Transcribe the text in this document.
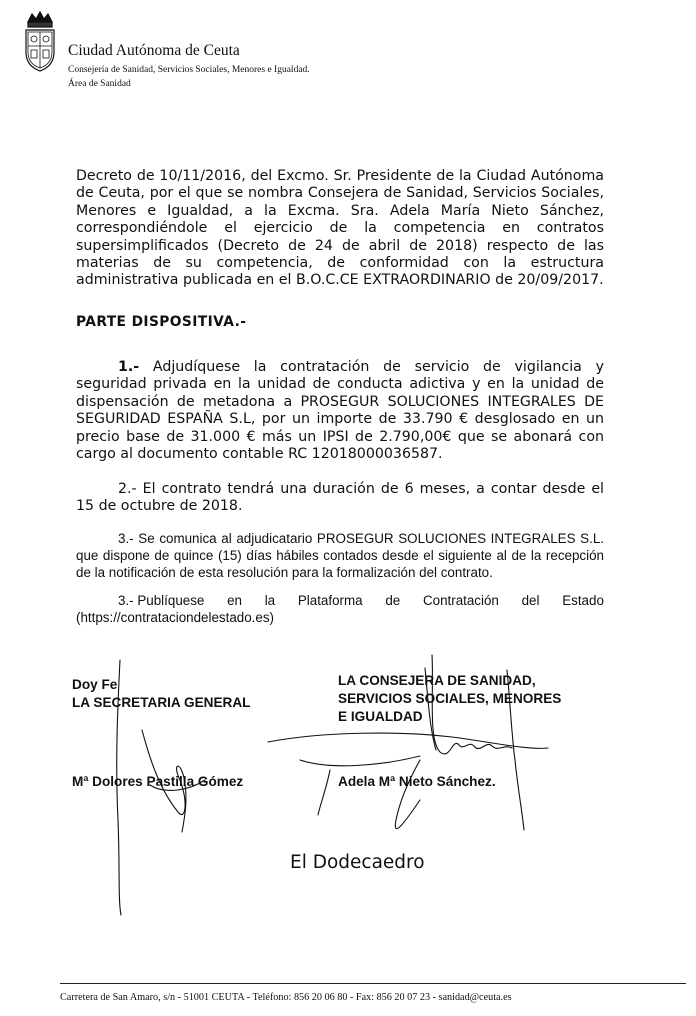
Ciudad Autónoma de Ceuta
Consejería de Sanidad, Servicios Sociales, Menores e Igualdad.
Área de Sanidad
Decreto de 10/11/2016, del Excmo. Sr. Presidente de la Ciudad Autónoma de Ceuta, por el que se nombra Consejera de Sanidad, Servicios Sociales, Menores e Igualdad, a la Excma. Sra. Adela María Nieto Sánchez, correspondiéndole el ejercicio de la competencia en contratos supersimplificados (Decreto de 24 de abril de 2018) respecto de las materias de su competencia, de conformidad con la estructura administrativa publicada en el B.O.C.CE EXTRAORDINARIO de 20/09/2017.
PARTE DISPOSITIVA.-
1.- Adjudíquese la contratación de servicio de vigilancia y seguridad privada en la unidad de conducta adictiva y en la unidad de dispensación de metadona a PROSEGUR SOLUCIONES INTEGRALES DE SEGURIDAD ESPAÑA S.L, por un importe de 33.790 € desglosado en un precio base de 31.000 € más un IPSI de 2.790,00€ que se abonará con cargo al documento contable RC 12018000036587.
2.- El contrato tendrá una duración de 6 meses, a contar desde el 15 de octubre de 2018.
3.- Se comunica al adjudicatario PROSEGUR SOLUCIONES INTEGRALES S.L. que dispone de quince (15) días hábiles contados desde el siguiente al de la recepción de la notificación de esta resolución para la formalización del contrato.
3.- Publíquese en la Plataforma de Contratación del Estado
(https://contrataciondelestado.es)
Doy Fe
LA SECRETARIA GENERAL
LA CONSEJERA DE SANIDAD,
SERVICIOS SOCIALES, MENORES
E IGUALDAD
Mª Dolores Pastilla Gómez	Adela Mª Nieto Sánchez.
El Dodecaedro
Carretera de San Amaro, s/n - 51001 CEUTA - Teléfono: 856 20 06 80 - Fax: 856 20 07 23 - sanidad@ceuta.es
